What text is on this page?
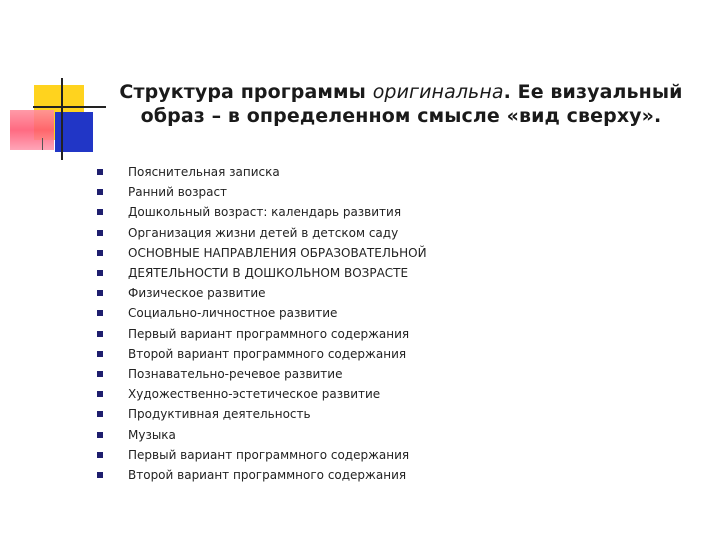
Структура программы оригинальна. Ее визуальный образ – в определенном смысле «вид сверху».
Пояснительная записка
Ранний возраст
Дошкольный возраст: календарь развития
Организация жизни детей в детском саду
ОСНОВНЫЕ НАПРАВЛЕНИЯ ОБРАЗОВАТЕЛЬНОЙ
ДЕЯТЕЛЬНОСТИ В ДОШКОЛЬНОМ ВОЗРАСТЕ
Физическое развитие
Социально-личностное развитие
Первый вариант программного содержания
Второй вариант программного содержания
Познавательно-речевое развитие
Художественно-эстетическое развитие
Продуктивная деятельность
Музыка
Первый вариант программного содержания
Второй вариант программного содержания
